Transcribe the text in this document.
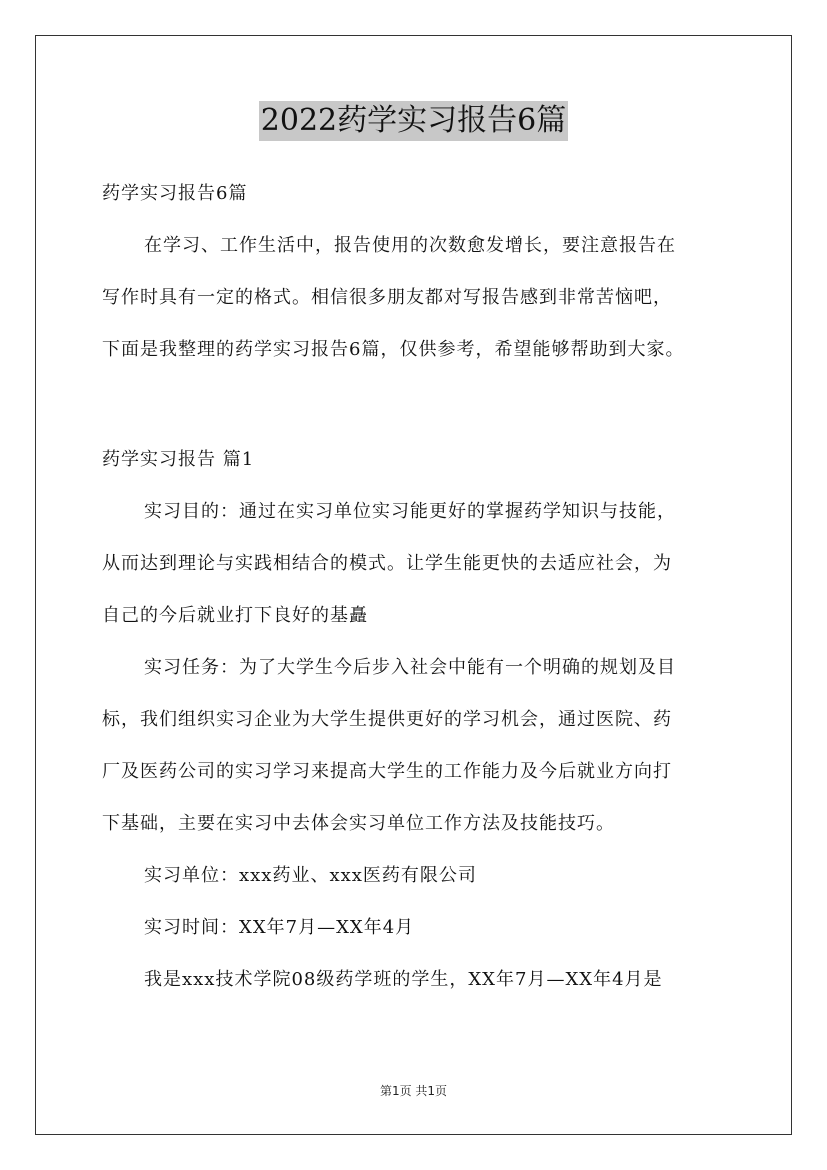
2022药学实习报告6篇

药学实习报告6篇

在学习、工作生活中，报告使用的次数愈发增长，要注意报告在

写作时具有一定的格式。相信很多朋友都对写报告感到非常苦恼吧，

下面是我整理的药学实习报告6篇，仅供参考，希望能够帮助到大家。

药学实习报告 篇1

实习目的：通过在实习单位实习能更好的掌握药学知识与技能，

从而达到理论与实践相结合的模式。让学生能更快的去适应社会，为

自己的今后就业打下良好的基矗

实习任务：为了大学生今后步入社会中能有一个明确的规划及目

标，我们组织实习企业为大学生提供更好的学习机会，通过医院、药

厂及医药公司的实习学习来提高大学生的工作能力及今后就业方向打

下基础，主要在实习中去体会实习单位工作方法及技能技巧。

实习单位：xxx药业、xxx医药有限公司

实习时间：XX年7月—XX年4月

我是xxx技术学院08级药学班的学生，XX年7月—XX年4月是

第1页 共1页
